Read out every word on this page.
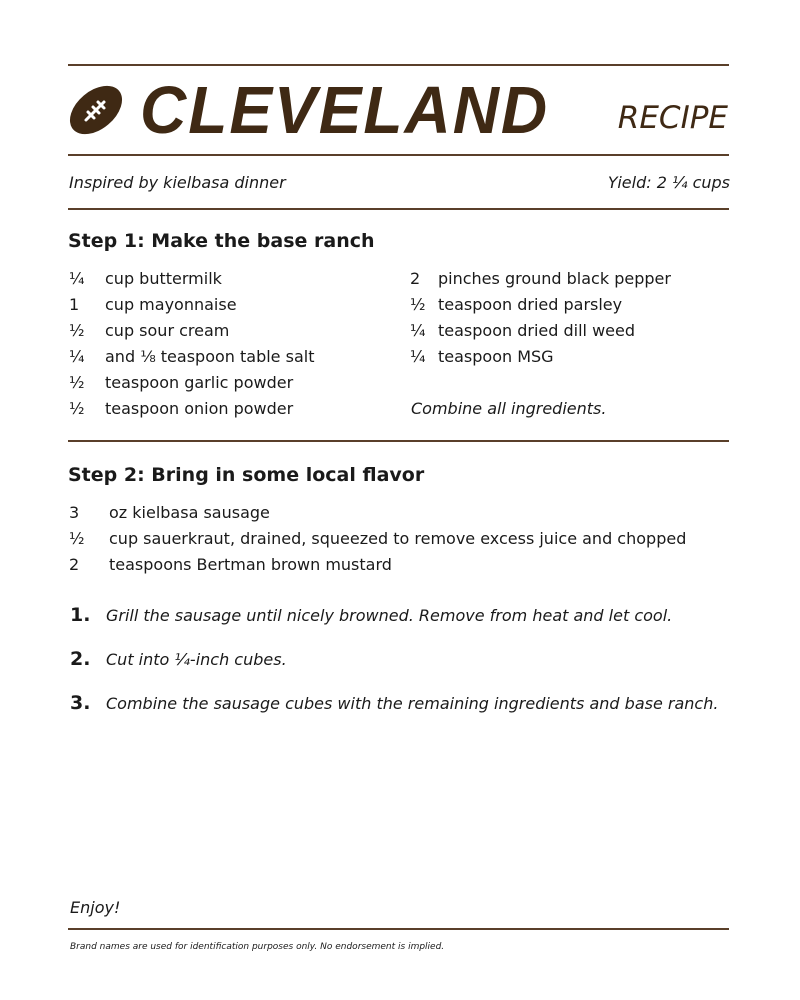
CLEVELAND RECIPE
Inspired by kielbasa dinner	Yield: 2 ¼ cups
Step 1: Make the base ranch
¼	cup buttermilk
1	cup mayonnaise
½	cup sour cream
¼	and ⅛ teaspoon table salt
½	teaspoon garlic powder
½	teaspoon onion powder
2	pinches ground black pepper
½ teaspoon dried parsley
¼ teaspoon dried dill weed
¼ teaspoon MSG
Combine all ingredients.
Step 2: Bring in some local flavor
3	oz kielbasa sausage
½	cup sauerkraut, drained, squeezed to remove excess juice and chopped
2	teaspoons Bertman brown mustard
1. Grill the sausage until nicely browned. Remove from heat and let cool.
2. Cut into ¼-inch cubes.
3. Combine the sausage cubes with the remaining ingredients and base ranch.
Enjoy!
Brand names are used for identification purposes only. No endorsement is implied.
